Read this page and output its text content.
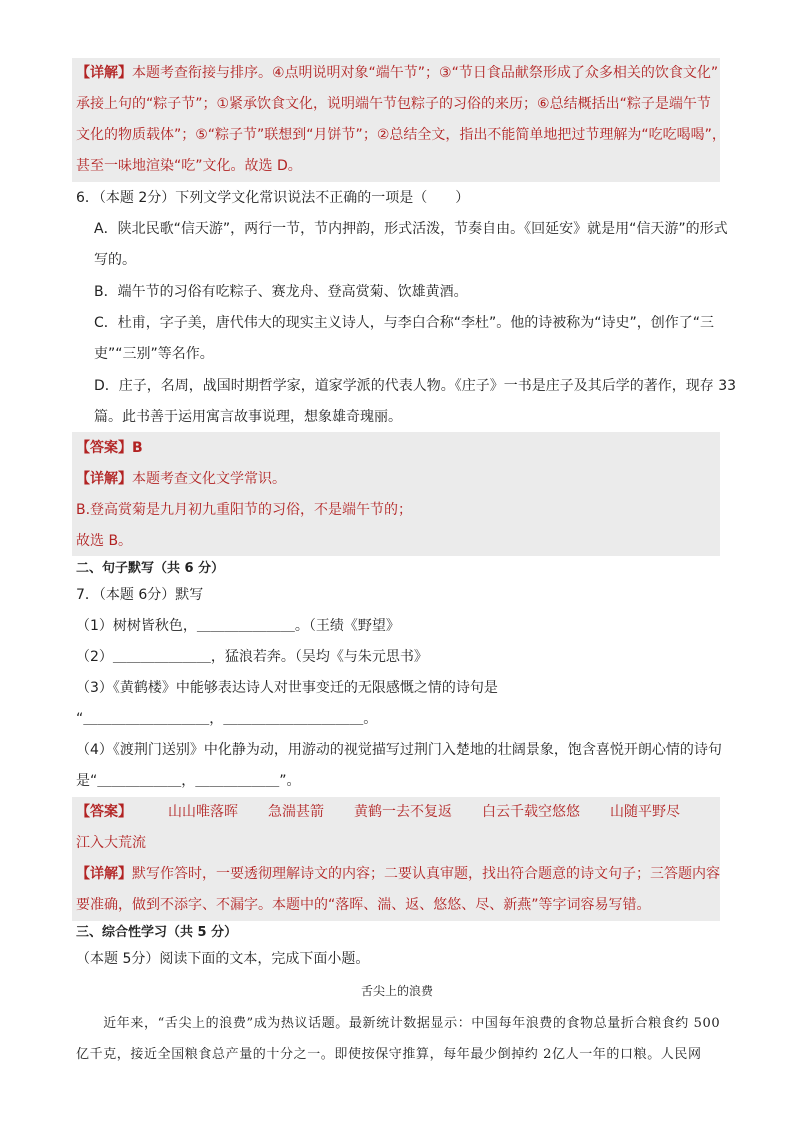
【详解】本题考查衔接与排序。④点明说明对象“端午节”；③“节日食品献祭形成了众多相关的饮食文化”
承接上句的“粽子节”；①紧承饮食文化，说明端午节包粽子的习俗的来历；⑥总结概括出“粽子是端午节
文化的物质载体”；⑤“粽子节”联想到“月饼节”；②总结全文，指出不能简单地把过节理解为“吃吃喝喝”，
甚至一味地渲染“吃”文化。故选 D。
6．（本题 2分）下列文学文化常识说法不正确的一项是（　　）
A．陕北民歌“信天游”，两行一节，节内押韵，形式活泼，节奏自由。《回延安》就是用“信天游”的形式
写的。
B．端午节的习俗有吃粽子、赛龙舟、登高赏菊、饮雄黄酒。
C．杜甫，字子美，唐代伟大的现实主义诗人，与李白合称“李杜”。他的诗被称为“诗史”，创作了“三
吏”“三别”等名作。
D．庄子，名周，战国时期哲学家，道家学派的代表人物。《庄子》一书是庄子及其后学的著作，现存 33
篇。此书善于运用寓言故事说理，想象雄奇瑰丽。
【答案】B
【详解】本题考查文化文学常识。
B.登高赏菊是九月初九重阳节的习俗，不是端午节的；
故选 B。
二、句子默写（共 6 分）
7．（本题 6分）默写
（1）树树皆秋色，＿＿＿＿＿＿＿。（王绩《野望》
（2）＿＿＿＿＿＿＿，猛浪若奔。（吴均《与朱元思书》
（3）《黄鹤楼》中能够表达诗人对世事变迁的无限感慨之情的诗句是
“＿＿＿＿＿＿＿＿＿，＿＿＿＿＿＿＿＿＿＿。
（4）《渡荆门送别》中化静为动，用游动的视觉描写过荆门入楚地的壮阔景象，饱含喜悦开朗心情的诗句
是“＿＿＿＿＿＿，＿＿＿＿＿＿”。
【答案】	山山唯落晖 急湍甚箭 黄鹤一去不复返 白云千载空悠悠 山随平野尽
江入大荒流
【详解】默写作答时，一要透彻理解诗文的内容；二要认真审题，找出符合题意的诗文句子；三答题内容
要准确，做到不添字、不漏字。本题中的“落晖、湍、返、悠悠、尽、新燕”等字词容易写错。
三、综合性学习（共 5 分）
（本题 5分）阅读下面的文本，完成下面小题。
舌尖上的浪费
　　近年来，“舌尖上的浪费”成为热议话题。最新统计数据显示：中国每年浪费的食物总量折合粮食约 500
亿千克，接近全国粮食总产量的十分之一。即使按保守推算，每年最少倒掉约 2亿人一年的口粮。人民网
